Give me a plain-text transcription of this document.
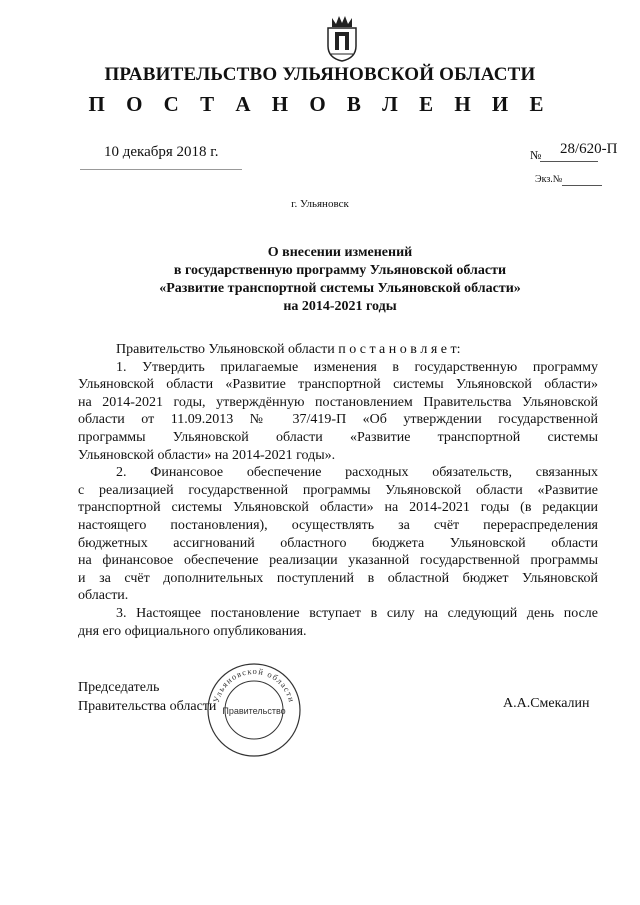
ПРАВИТЕЛЬСТВО УЛЬЯНОВСКОЙ ОБЛАСТИ
П О С Т А Н О В Л Е Н И Е
10 декабря 2018 г.	№ 28/620-П
Экз.№
г. Ульяновск
О внесении изменений
в государственную программу Ульяновской области
«Развитие транспортной системы Ульяновской области»
на 2014-2021 годы
Правительство Ульяновской области п о с т а н о в л я е т:
1. Утвердить прилагаемые изменения в государственную программу
Ульяновской области «Развитие транспортной системы Ульяновской области»
на 2014-2021 годы, утверждённую постановлением Правительства Ульяновской
области от 11.09.2013 № 37/419-П «Об утверждении государственной
программы Ульяновской области «Развитие транспортной системы
Ульяновской области» на 2014-2021 годы».
2. Финансовое обеспечение расходных обязательств, связанных
с реализацией государственной программы Ульяновской области «Развитие
транспортной системы Ульяновской области» на 2014-2021 годы (в редакции
настоящего постановления), осуществлять за счёт перераспределения
бюджетных ассигнований областного бюджета Ульяновской области
на финансовое обеспечение реализации указанной государственной программы
и за счёт дополнительных поступлений в областной бюджет Ульяновской
области.
3. Настоящее постановление вступает в силу на следующий день после
дня его официального опубликования.
Председатель
Правительства области	А.А.Смекалин
Ульяновской области
Правительство
